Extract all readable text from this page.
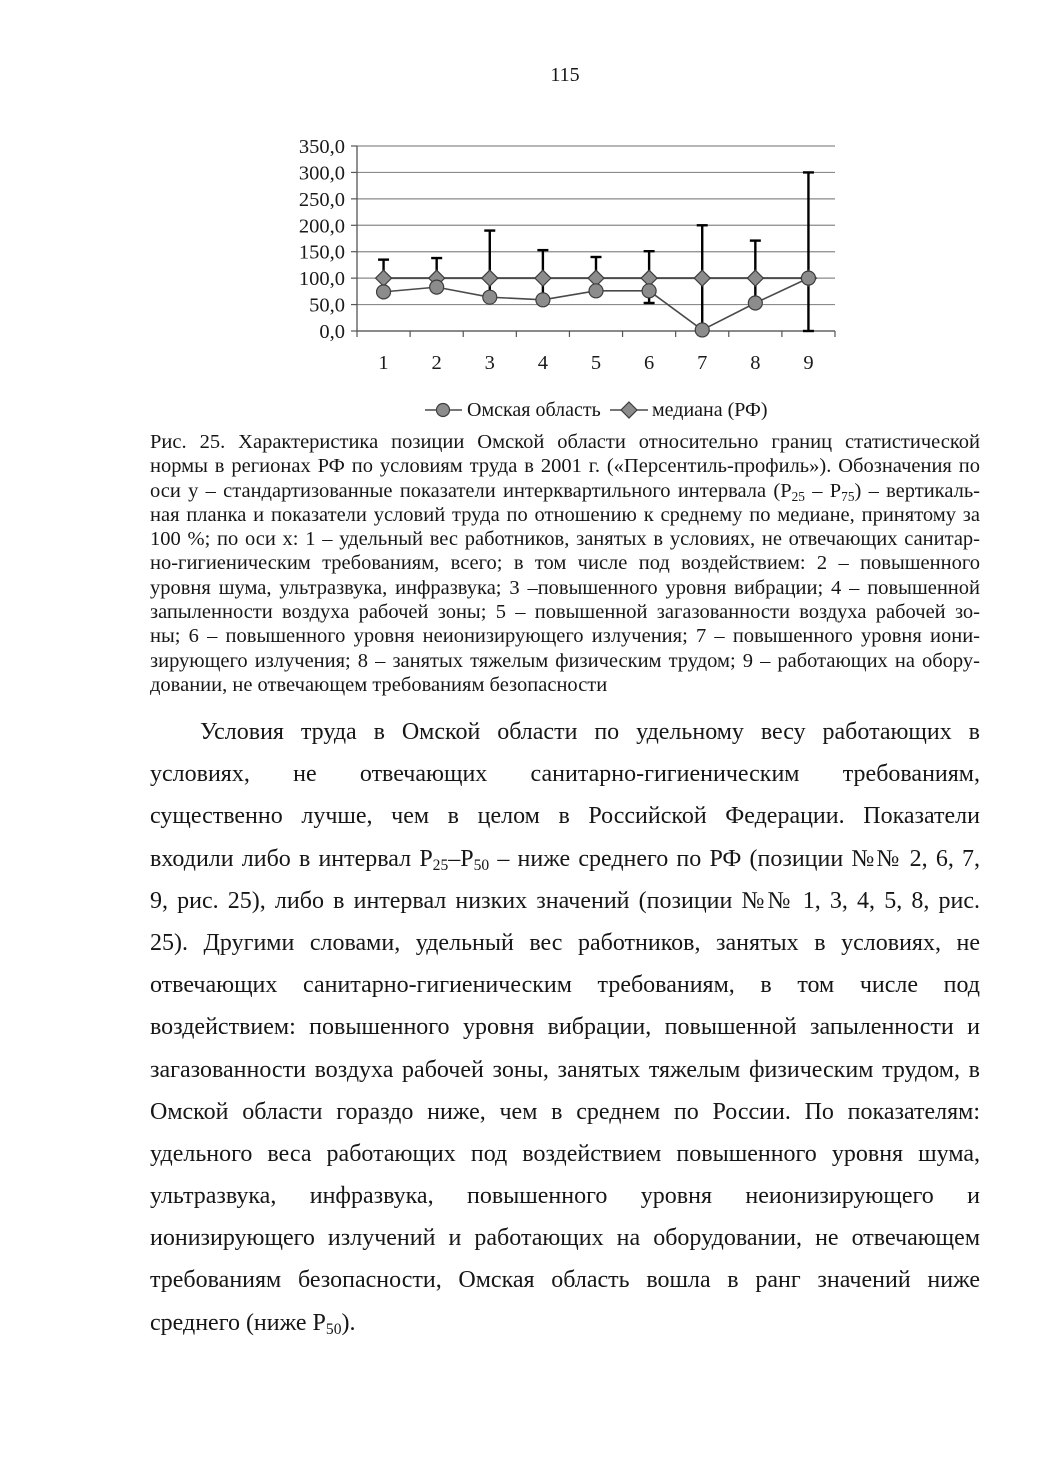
115
0,0
50,0
100,0
150,0
200,0
250,0
300,0
350,0
1 2 3 4 5 6 7 8 9
Омская область	медиана (РФ)
Рис. 25. Характеристика позиции Омской области относительно границ статистической
нормы в регионах РФ по условиям труда в 2001 г. («Персентиль-профиль»). Обозначения по
оси y – стандартизованные показатели интерквартильного интервала (Р25 – Р75) – вертикаль-
ная планка и показатели условий труда по отношению к среднему по медиане, принятому за
100 %; по оси x: 1 – удельный вес работников, занятых в условиях, не отвечающих санитар-
но-гигиеническим требованиям, всего; в том числе под воздействием: 2 – повышенного
уровня шума, ультразвука, инфразвука; 3 –повышенного уровня вибрации; 4 – повышенной
запыленности воздуха рабочей зоны; 5 – повышенной загазованности воздуха рабочей зо-
ны; 6 – повышенного уровня неионизирующего излучения; 7 – повышенного уровня иони-
зирующего излучения; 8 – занятых тяжелым физическим трудом; 9 – работающих на обору-
довании, не отвечающем требованиям безопасности
Условия труда в Омской области по удельному весу работающих в
условиях, не отвечающих санитарно-гигиеническим требованиям,
существенно лучше, чем в целом в Российской Федерации. Показатели
входили либо в интервал Р25–Р50 – ниже среднего по РФ (позиции №№ 2, 6, 7,
9, рис. 25), либо в интервал низких значений (позиции №№ 1, 3, 4, 5, 8, рис.
25). Другими словами, удельный вес работников, занятых в условиях, не
отвечающих санитарно-гигиеническим требованиям, в том числе под
воздействием: повышенного уровня вибрации, повышенной запыленности и
загазованности воздуха рабочей зоны, занятых тяжелым физическим трудом, в
Омской области гораздо ниже, чем в среднем по России. По показателям:
удельного веса работающих под воздействием повышенного уровня шума,
ультразвука, инфразвука, повышенного уровня неионизирующего и
ионизирующего излучений и работающих на оборудовании, не отвечающем
требованиям безопасности, Омская область вошла в ранг значений ниже
среднего (ниже Р50).
